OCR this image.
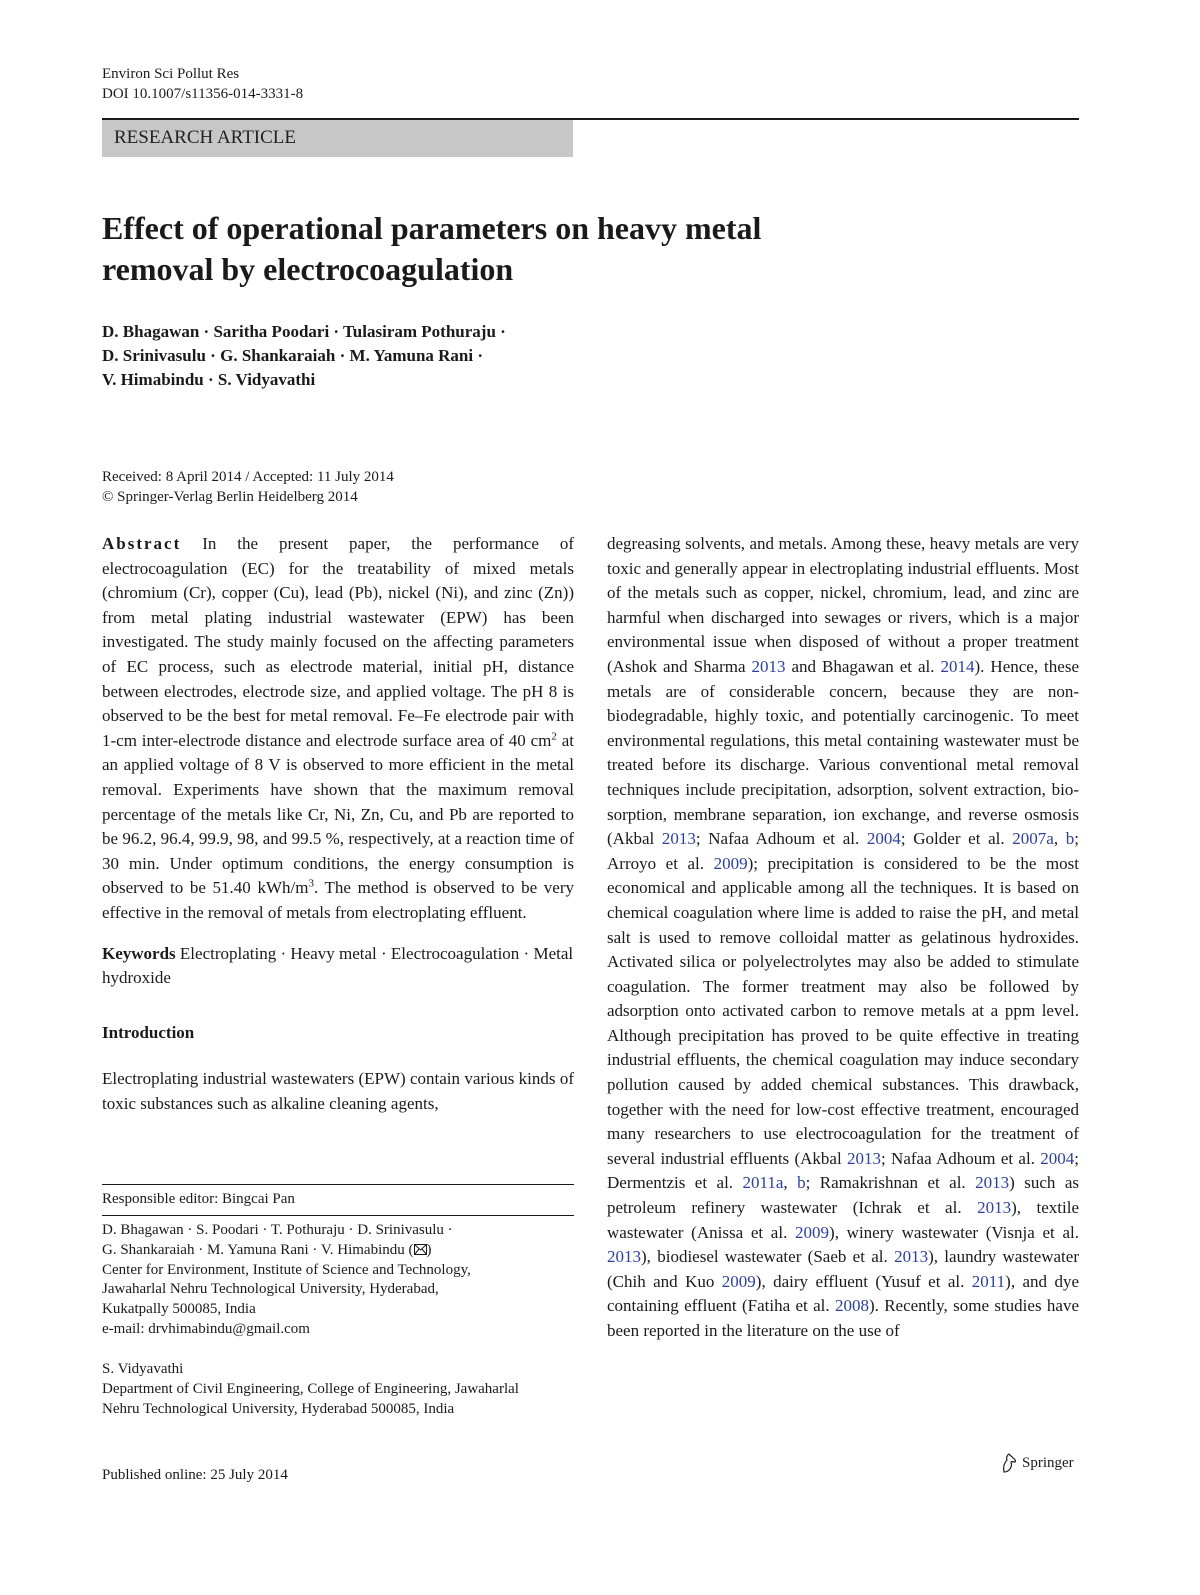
Environ Sci Pollut Res
DOI 10.1007/s11356-014-3331-8
RESEARCH ARTICLE
Effect of operational parameters on heavy metal
removal by electrocoagulation
D. Bhagawan · Saritha Poodari · Tulasiram Pothuraju ·
D. Srinivasulu · G. Shankaraiah · M. Yamuna Rani ·
V. Himabindu · S. Vidyavathi
Received: 8 April 2014 / Accepted: 11 July 2014
© Springer-Verlag Berlin Heidelberg 2014

Abstract In the present paper, the performance of electrocoagulation (EC) for the treatability of mixed metals (chromium (Cr), copper (Cu), lead (Pb), nickel (Ni), and zinc (Zn)) from metal plating industrial wastewater (EPW) has been investigated. The study mainly focused on the affecting parameters of EC process, such as electrode material, initial pH, distance between electrodes, electrode size, and applied voltage. The pH 8 is observed to be the best for metal removal. Fe–Fe electrode pair with 1-cm inter-electrode distance and electrode surface area of 40 $cm^2$ at an applied voltage of 8 V is observed to more efficient in the metal removal. Experiments have shown that the maximum removal percentage of the metals like Cr, Ni, Zn, Cu, and Pb are reported to be 96.2, 96.4, 99.9, 98, and 99.5 %, respectively, at a reaction time of 30 min. Under optimum conditions, the energy consumption is observed to be 51.40 kWh/$m^3$. The method is observed to be very effective in the removal of metals from electroplating effluent.

Keywords Electroplating · Heavy metal · Electrocoagulation · Metal hydroxide

Introduction

Electroplating industrial wastewaters (EPW) contain various kinds of toxic substances such as alkaline cleaning agents,

Responsible editor: Bingcai Pan
D. Bhagawan · S. Poodari · T. Pothuraju · D. Srinivasulu ·
G. Shankaraiah · M. Yamuna Rani · V. Himabindu ( )
Center for Environment, Institute of Science and Technology,
Jawaharlal Nehru Technological University, Hyderabad,
Kukatpally 500085, India
e-mail: drvhimabindu@gmail.com
S. Vidyavathi
Department of Civil Engineering, College of Engineering, Jawaharlal
Nehru Technological University, Hyderabad 500085, India

degreasing solvents, and metals. Among these, heavy metals are very toxic and generally appear in electroplating industrial effluents. Most of the metals such as copper, nickel, chromium, lead, and zinc are harmful when discharged into sewages or rivers, which is a major environmental issue when disposed of without a proper treatment (Ashok and Sharma 2013 and Bhagawan et al. 2014). Hence, these metals are of considerable concern, because they are non-biodegradable, highly toxic, and potentially carcinogenic. To meet environmental regulations, this metal containing wastewater must be treated before its discharge. Various conventional metal removal techniques include precipitation, adsorption, solvent extraction, bio-sorption, membrane separation, ion exchange, and reverse osmosis (Akbal 2013; Nafaa Adhoum et al. 2004; Golder et al. 2007a, b; Arroyo et al. 2009); precipitation is considered to be the most economical and applicable among all the techniques. It is based on chemical coagulation where lime is added to raise the pH, and metal salt is used to remove colloidal matter as gelatinous hydroxides. Activated silica or polyelectrolytes may also be added to stimulate coagulation. The former treatment may also be followed by adsorption onto activated carbon to remove metals at a ppm level. Although precipitation has proved to be quite effective in treating industrial effluents, the chemical coagulation may induce secondary pollution caused by added chemical substances. This drawback, together with the need for low-cost effective treatment, encouraged many researchers to use electrocoagulation for the treatment of several industrial effluents (Akbal 2013; Nafaa Adhoum et al. 2004; Dermentzis et al. 2011a, b; Ramakrishnan et al. 2013) such as petroleum refinery wastewater (Ichrak et al. 2013), textile wastewater (Anissa et al. 2009), winery wastewater (Visnja et al. 2013), biodiesel wastewater (Saeb et al. 2013), laundry wastewater (Chih and Kuo 2009), dairy effluent (Yusuf et al. 2011), and dye containing effluent (Fatiha et al. 2008). Recently, some studies have been reported in the literature on the use of

Published online: 25 July 2014
Springer
